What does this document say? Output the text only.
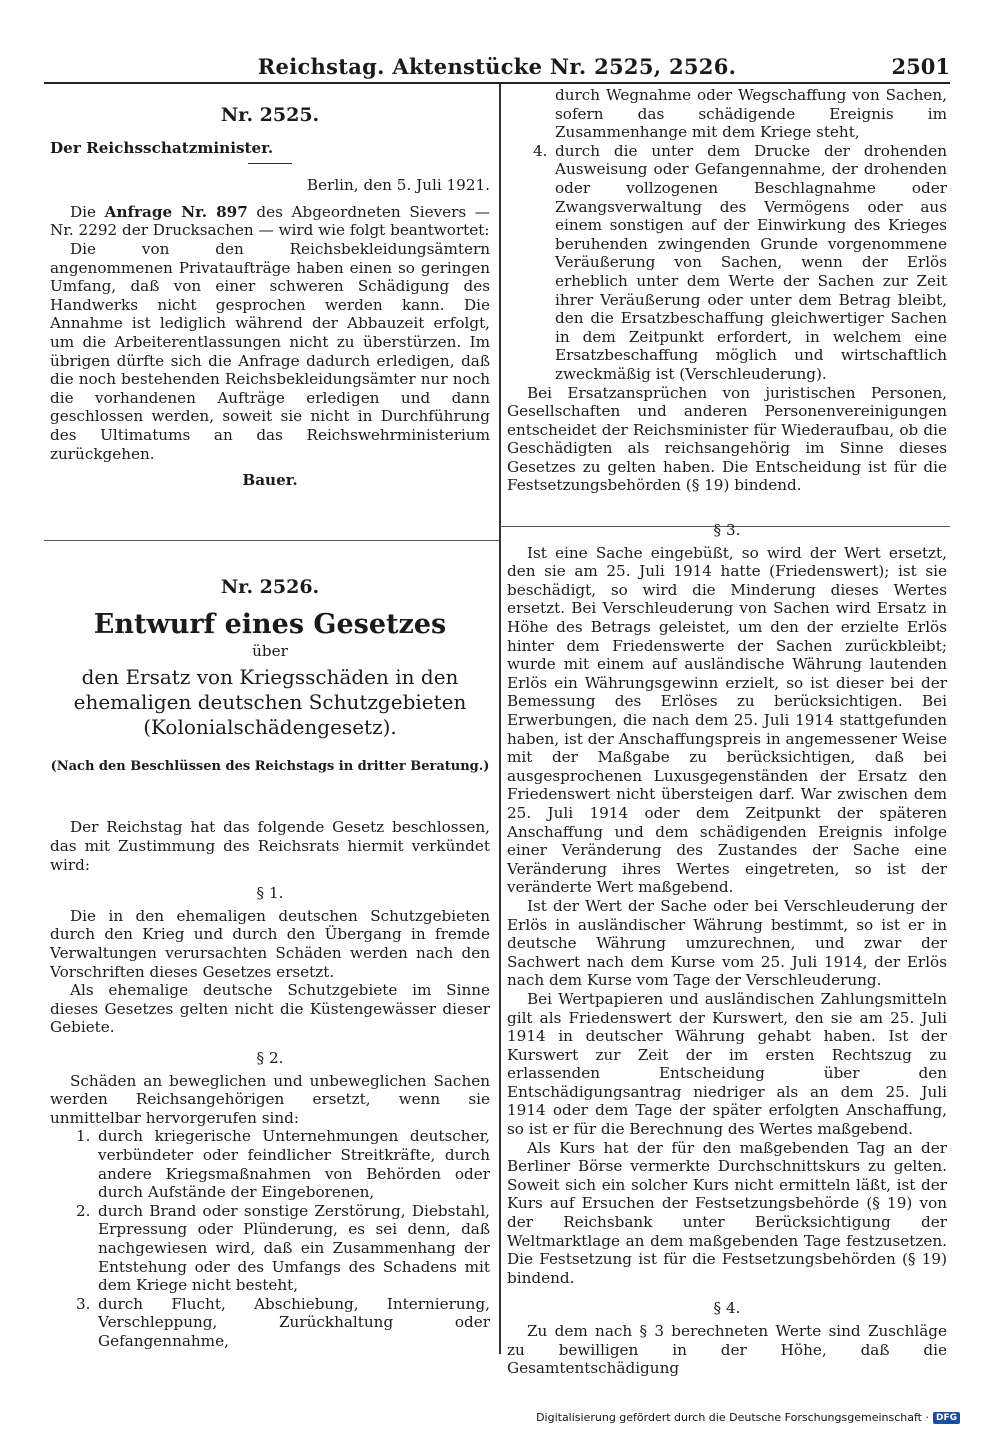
Reichstag. Aktenstücke Nr. 2525, 2526.	2501

Nr. 2525.

Der Reichsschatzminister.

Berlin, den 5. Juli 1921.

Die Anfrage Nr. 897 des Abgeordneten Sievers — Nr. 2292 der Drucksachen — wird wie folgt beantwortet:

Die von den Reichsbekleidungsämtern angenommenen Privataufträge haben einen so geringen Umfang, daß von einer schweren Schädigung des Handwerks nicht gesprochen werden kann. Die Annahme ist lediglich während der Abbauzeit erfolgt, um die Arbeiterentlassungen nicht zu überstürzen. Im übrigen dürfte sich die Anfrage dadurch erledigen, daß die noch bestehenden Reichsbekleidungsämter nur noch die vorhandenen Aufträge erledigen und dann geschlossen werden, soweit sie nicht in Durchführung des Ultimatums an das Reichswehrministerium zurückgehen.

Bauer.

Nr. 2526.

Entwurf eines Gesetzes

über

den Ersatz von Kriegsschäden in den ehemaligen deutschen Schutzgebieten

(Kolonialschädengesetz).

(Nach den Beschlüssen des Reichstags in dritter Beratung.)

Der Reichstag hat das folgende Gesetz beschlossen, das mit Zustimmung des Reichsrats hiermit verkündet wird:

§ 1.

Die in den ehemaligen deutschen Schutzgebieten durch den Krieg und durch den Übergang in fremde Verwaltungen verursachten Schäden werden nach den Vorschriften dieses Gesetzes ersetzt.

Als ehemalige deutsche Schutzgebiete im Sinne dieses Gesetzes gelten nicht die Küstengewässer dieser Gebiete.

§ 2.

Schäden an beweglichen und unbeweglichen Sachen werden Reichsangehörigen ersetzt, wenn sie unmittelbar hervorgerufen sind:

1. durch kriegerische Unternehmungen deutscher, verbündeter oder feindlicher Streitkräfte, durch andere Kriegsmaßnahmen von Behörden oder durch Aufstände der Eingeborenen,
2. durch Brand oder sonstige Zerstörung, Diebstahl, Erpressung oder Plünderung, es sei denn, daß nachgewiesen wird, daß ein Zusammenhang der Entstehung oder des Umfangs des Schadens mit dem Kriege nicht besteht,
3. durch Flucht, Abschiebung, Internierung, Verschleppung, Zurückhaltung oder Gefangennahme,

durch Wegnahme oder Wegschaffung von Sachen, sofern das schädigende Ereignis im Zusammenhange mit dem Kriege steht,

4. durch die unter dem Drucke der drohenden Ausweisung oder Gefangennahme, der drohenden oder vollzogenen Beschlagnahme oder Zwangsverwaltung des Vermögens oder aus einem sonstigen auf der Einwirkung des Krieges beruhenden zwingenden Grunde vorgenommene Veräußerung von Sachen, wenn der Erlös erheblich unter dem Werte der Sachen zur Zeit ihrer Veräußerung oder unter dem Betrag bleibt, den die Ersatzbeschaffung gleichwertiger Sachen in dem Zeitpunkt erfordert, in welchem eine Ersatzbeschaffung möglich und wirtschaftlich zweckmäßig ist (Verschleuderung).

Bei Ersatzansprüchen von juristischen Personen, Gesellschaften und anderen Personenvereinigungen entscheidet der Reichsminister für Wiederaufbau, ob die Geschädigten als reichsangehörig im Sinne dieses Gesetzes zu gelten haben. Die Entscheidung ist für die Festsetzungsbehörden (§ 19) bindend.

§ 3.

Ist eine Sache eingebüßt, so wird der Wert ersetzt, den sie am 25. Juli 1914 hatte (Friedenswert); ist sie beschädigt, so wird die Minderung dieses Wertes ersetzt. Bei Verschleuderung von Sachen wird Ersatz in Höhe des Betrags geleistet, um den der erzielte Erlös hinter dem Friedenswerte der Sachen zurückbleibt; wurde mit einem auf ausländische Währung lautenden Erlös ein Währungsgewinn erzielt, so ist dieser bei der Bemessung des Erlöses zu berücksichtigen. Bei Erwerbungen, die nach dem 25. Juli 1914 stattgefunden haben, ist der Anschaffungspreis in angemessener Weise mit der Maßgabe zu berücksichtigen, daß bei ausgesprochenen Luxusgegenständen der Ersatz den Friedenswert nicht übersteigen darf. War zwischen dem 25. Juli 1914 oder dem Zeitpunkt der späteren Anschaffung und dem schädigenden Ereignis infolge einer Veränderung des Zustandes der Sache eine Veränderung ihres Wertes eingetreten, so ist der veränderte Wert maßgebend.

Ist der Wert der Sache oder bei Verschleuderung der Erlös in ausländischer Währung bestimmt, so ist er in deutsche Währung umzurechnen, und zwar der Sachwert nach dem Kurse vom 25. Juli 1914, der Erlös nach dem Kurse vom Tage der Verschleuderung.

Bei Wertpapieren und ausländischen Zahlungsmitteln gilt als Friedenswert der Kurswert, den sie am 25. Juli 1914 in deutscher Währung gehabt haben. Ist der Kurswert zur Zeit der im ersten Rechtszug zu erlassenden Entscheidung über den Entschädigungsantrag niedriger als an dem 25. Juli 1914 oder dem Tage der später erfolgten Anschaffung, so ist er für die Berechnung des Wertes maßgebend.

Als Kurs hat der für den maßgebenden Tag an der Berliner Börse vermerkte Durchschnittskurs zu gelten. Soweit sich ein solcher Kurs nicht ermitteln läßt, ist der Kurs auf Ersuchen der Festsetzungsbehörde (§ 19) von der Reichsbank unter Berücksichtigung der Weltmarktlage an dem maßgebenden Tage festzusetzen. Die Festsetzung ist für die Festsetzungsbehörden (§ 19) bindend.

§ 4.

Zu dem nach § 3 berechneten Werte sind Zuschläge zu bewilligen in der Höhe, daß die Gesamtentschädigung

Digitalisierung gefördert durch die Deutsche Forschungsgemeinschaft · DFG
